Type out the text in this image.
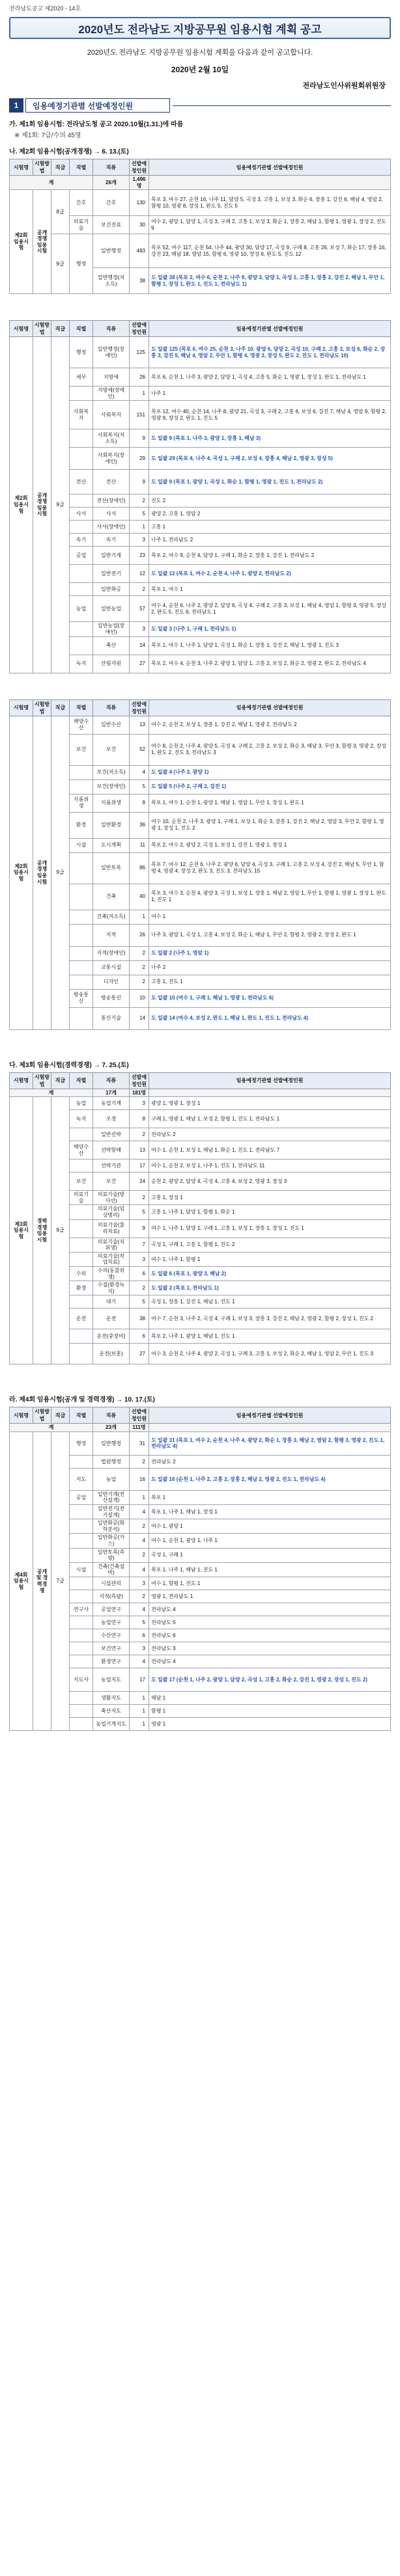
전라남도공고 제2020 - 14호
2020년도 전라남도 지방공무원 임용시험 계획 공고
2020년도 전라남도 지방공무원 임용시험 계획을 다음과 같이 공고합니다.
2020년 2월 10일
전라남도인사위원회위원장
1	임용예정기관별 선발예정인원
가. 제1회 임용시험: 전라남도청 공고 2020.10월(1.31.)에 따름
※ 제1회: 7급/수의 45명
나. 제2회 임용시험(공개경쟁) → 6. 13.(토)
시험명	시험방법	직급	직렬	직류	선발예정인원	임용예정기관별 선발예정인원
계				26개	1,496명	
제2회 임용시험	공개경쟁임용시험	8급	간호	간호	130	목포 3, 여수 27, 순천 16, 나주 11, 담양 5, 곡성 3, 고흥 1, 보성 3, 화순 6, 장흥 1, 강진 6, 해남 4, 영암 2, 함평 10, 영광 8, 장성 1, 완도 5, 진도 5
			의료기술	보건진료	30	여수 2, 광양 1, 담양 1, 곡성 3, 구례 2, 고흥 1, 보성 3, 화순 1, 장흥 2, 해남 1, 함평 1, 영광 1, 장성 2, 진도 9
		9급	행정	일반행정	483	목포 52, 여수 117, 순천 54, 나주 44, 광양 30, 담양 17, 곡성 9, 구례 8, 고흥 26, 보성 7, 화순 17, 장흥 16, 강진 23, 해남 18, 영암 15, 함평 6, 영광 10, 장성 6, 완도 5, 진도 12
				일반행정(저소득)	38	도 일괄 38 (목포 2, 여수 6, 순천 2, 나주 9, 광양 3, 담양 1, 곡성 1, 고흥 1, 장흥 2, 강진 2, 해남 1, 무안 1, 함평 1, 장성 1, 완도 1, 진도 1, 전라남도 1)
시험명	시험방법	직급	직렬	직류	선발예정인원	임용예정기관별 선발예정인원
제2회 임용시험	공개경쟁임용시험	9급	행정	일반행정(장애인)	125	도 일괄 125 (목포 6, 여수 25, 순천 3, 나주 10, 광양 6, 담양 2, 곡성 10, 구례 2, 고흥 3, 보성 6, 화순 2, 장흥 3, 강진 5, 해남 4, 영암 2, 무안 1, 함평 4, 영광 3, 장성 5, 완도 2, 진도 1, 전라남도 10)
			세무	지방세	26	목포 6, 순천 1, 나주 3, 광양 2, 담양 1, 곡성 4, 고흥 5, 화순 1, 영광 1, 장성 1, 완도 1, 전라남도 1
				지방세(장애인)	1	나주 1
			사회복지	사회복지	151	목포 12, 여수 40, 순천 14, 나주 8, 광양 21, 곡성 3, 구례 2, 고흥 6, 보성 6, 강진 7, 해남 4, 영암 9, 함평 2, 영광 9, 장성 2, 완도 1, 진도 5
				사회복지(저소득)	9	도 일괄 9 (목포 1, 나주 3, 광양 1, 장흥 1, 해남 3)
				사회복지(장애인)	29	도 일괄 29 (목포 4, 나주 4, 곡성 1, 구례 2, 보성 4, 장흥 4, 해남 2, 영광 3, 장성 5)
			전산	전산	9	도 일괄 9 (목포 1, 광양 1, 곡성 1, 화순 1, 함평 1, 영광 1, 진도 1, 전라남도 2)
				전산(장애인)	2	진도 2
			사서	사서	5	광양 2, 고흥 1, 영암 2
				사서(장애인)	1	고흥 1
			속기	속기	3	나주 1, 전라남도 2
			공업	일반기계	23	목포 2, 여수 9, 순천 4, 담양 1, 구례 1, 화순 2, 장흥 1, 강진 1, 전라남도 2
				일반전기	12	도 일괄 12 (목포 1, 여수 2, 순천 4, 나주 1, 광양 2, 전라남도 2)
				일반화공	2	목포 1, 여수 1
			농업	일반농업	57	여수 4, 순천 6, 나주 2, 광양 2, 담양 6, 곡성 4, 구례 2, 고흥 3, 보성 1, 해남 4, 영암 1, 함평 3, 영광 5, 장성 2, 완도 5, 진도 6, 전라남도 1
				일반농업(장애인)	3	도 일괄 3 (나주 1, 구례 1, 전라남도 1)
				축산	14	목포 1, 여수 1, 나주 1, 담양 1, 곡성 1, 화순 1, 장흥 1, 강진 2, 해남 1, 영광 1, 진도 3
			녹지	산림자원	27	목포 2, 여수 4, 순천 3, 나주 2, 광양 1, 담양 1, 고흥 2, 보성 2, 화순 2, 영광 2, 완도 2, 전라남도 4
시험명	시험방법	직급	직렬	직류	선발예정인원	임용예정기관별 선발예정인원
제2회 임용시험	공개경쟁임용시험	9급	해양수산	일반수산	13	여수 2, 순천 2, 보성 1, 장흥 1, 강진 2, 해남 1, 영광 2, 전라남도 2
			보건	보건	52	여수 8, 순천 2, 나주 4, 광양 5, 곡성 4, 구례 2, 고흥 2, 보성 2, 화순 3, 해남 3, 무안 3, 함평 3, 영광 2, 장성 1, 완도 2, 진도 3, 전라남도 3
				보건(저소득)	4	도 일괄 4 (나주 3, 광양 1)
				보건(장애인)	5	도 일괄 5 (나주 2, 구례 2, 강진 1)
			식품위생	식품위생	9	목포 1, 여수 1, 순천 1, 광양 1, 해남 1, 영암 1, 무안 1, 장성 1, 완도 1
			환경	일반환경	36	여수 10, 순천 2, 나주 3, 광양 1, 구례 1, 보성 1, 화순 3, 장흥 1, 강진 2, 해남 2, 영암 3, 무안 2, 함평 1, 영광 1, 장성 1, 진도 2
			시설	도시계획	11	목포 2, 여수 2, 광양 2, 곡성 1, 보성 1, 강진 1, 영광 1, 장성 1
				일반토목	86	목포 7, 여수 12, 순천 6, 나주 2, 광양 6, 담양 4, 곡성 3, 구례 1, 고흥 2, 보성 4, 강진 2, 해남 5, 무안 1, 함평 4, 영광 4, 장성 2, 완도 3, 진도 3, 전라남도 15
				건축	40	목포 3, 여수 3, 순천 4, 광양 3, 곡성 1, 보성 1, 장흥 1, 해남 2, 영암 1, 무안 1, 함평 1, 영광 1, 장성 1, 완도 1, 진도 1
				건축(저소득)	1	여수 1
				지적	26	나주 3, 광양 1, 곡성 1, 고흥 4, 보성 2, 화순 1, 해남 1, 무안 2, 함평 2, 영광 2, 장성 2, 완도 1
				지적(장애인)	2	도 일괄 2 (나주 1, 영암 1)
				교통시설	2	나주 2
				디자인	2	고흥 1, 진도 1
			방송통신	방송통신	10	도 일괄 10 (여수 1, 구례 1, 해남 1, 영광 1, 전라남도 6)
				통신기술	14	도 일괄 14 (여수 4, 보성 2, 완도 1, 해남 1, 완도 1, 진도 1, 전라남도 4)
다. 제3회 임용시험(경력경쟁) → 7. 25.(토)
시험명	시험방법	직급	직렬	직류	선발예정인원	임용예정기관별 선발예정인원
계				17개	181명	
제3회 임용시험	경력경쟁임용시험	9급	농업	농업기계	3	광양 1, 영광 1, 장성 1
			녹지	조경	8	구례 1, 영광 1, 해남 1, 보성 2, 함평 1, 진도 1, 전라남도 1
				일반선박	2	전라남도 2
			해양수산	선박항해	13	여수 1, 순천 1, 보성 1, 해남 1, 화순 1, 진도 1, 전라남도 7
				선박기관	17	여수 1, 순천 2, 보성 1, 나주 1, 진도 1, 전라남도 11
			보건	보건	24	순천 2, 광양 2, 담양 4, 곡성 4, 고흥 4, 보성 2, 영광 3, 장성 3
			의료기술	의료기술(방사선)	2	고흥 1, 장성 1
				의료기술(임상병리)	5	고흥 1, 나주 1, 담양 1, 함평 1, 화순 1
				의료기술(물리치료)	9	여수 1, 나주 1, 담양 1, 구례 1, 고흥 1, 보성 1, 장흥 1, 장성 1, 진도 1
				의료기술(치위생)	7	곡성 1, 구례 1, 고흥 1, 함평 1, 진도 2
				의료기술(작업치료)	3	여수 1, 나주 1, 함평 1
			수의	수의(동물위생)	6	도 일괄 6 (목포 1, 광양 3, 해남 2)
			환경	수질(환경녹지)	2	도 일괄 2 (목포 1, 전라남도 1)
				대기	5	곡성 1, 장흥 1, 강진 1, 해남 1, 진도 1
			운전	운전	38	여수 7, 순천 3, 나주 2, 곡성 4, 구례 1, 보성 3, 장흥 3, 강진 2, 해남 2, 영광 2, 함평 2, 장성 1, 진도 2
				운전(중장비)	6	목포 2, 나주 1, 광양 1, 해남 1, 진도 1
				운전(보훈)	27	여수 3, 순천 2, 나주 4, 광양 2, 곡성 1, 구례 3, 고흥 1, 보성 2, 화순 2, 해남 1, 영암 2, 무안 1, 진도 3
라. 제4회 임용시험(공개 및 경력경쟁) → 10. 17.(토)
시험명	시험방법	직급	직렬	직류	선발예정인원	임용예정기관별 선발예정인원
계				23개	111명	
제4회 임용시험	공개 및 경력경쟁	7급	행정	일반행정	31	도 일괄 31 (목포 1, 여수 2, 순천 4, 나주 4, 광양 2, 화순 1, 장흥 3, 해남 2, 영암 2, 함평 3, 영광 2, 진도 1, 전라남도 4)
				법원행정	2	전라남도 2
			지도	농업	16	도 일괄 16 (순천 1, 나주 2, 고흥 2, 장흥 2, 해남 2, 영광 2, 진도 1, 전라남도 4)
			공업	일반기계(전산설계)	1	목포 1
				일반전기(전기설계)	4	목포 1, 나주 1, 해남 1, 장성 1
				일반화공(화학분석)	2	여수 1, 광양 1
				일반화공(가스)	4	여수 1, 순천 1, 광양 1, 나주 1
				일반토목(측량)	2	곡성 1, 구례 1
			시설	건축(건축설비)	4	목포 1, 나주 1, 해남 1, 진도 1
				시설관리	3	여수 1, 함평 1, 진도 1
				지적(측량)	2	영광 1, 전라남도 1
			연구사	공업연구	4	전라남도 4
				농업연구	5	전라남도 5
				수산연구	6	전라남도 6
				보건연구	3	전라남도 3
				환경연구	4	전라남도 4
			지도사	농업지도	17	도 일괄 17 (순천 1, 나주 2, 광양 1, 담양 2, 곡성 1, 고흥 2, 화순 2, 강진 1, 영광 2, 장성 1, 진도 2)
				생활지도	1	해남 1
				축산지도	1	함평 1
				농업기계지도	1	영광 1
